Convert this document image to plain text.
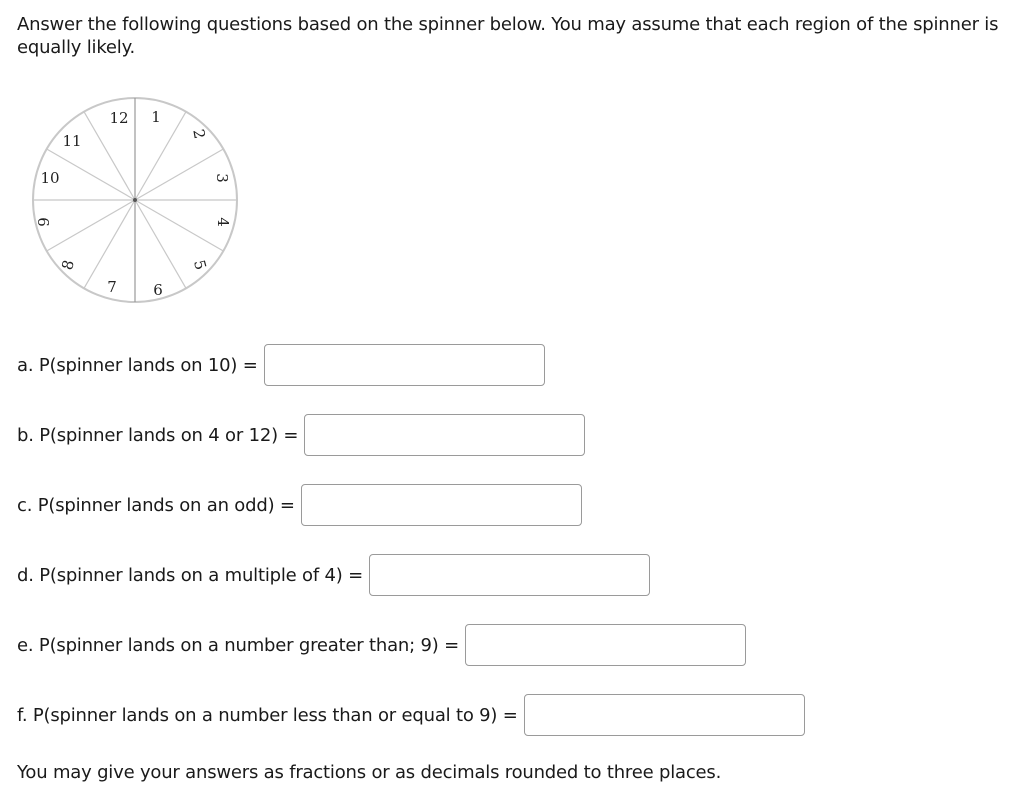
Answer the following questions based on the spinner below. You may assume that each region of the spinner is equally likely.

12 1
2
3
4
5
6
7
8
9
10
11
a. P(spinner lands on 10) =
b. P(spinner lands on 4 or 12) =
c. P(spinner lands on an odd) =
d. P(spinner lands on a multiple of 4) =
e. P(spinner lands on a number greater than; 9) =
f. P(spinner lands on a number less than or equal to 9) =

You may give your answers as fractions or as decimals rounded to three places.
